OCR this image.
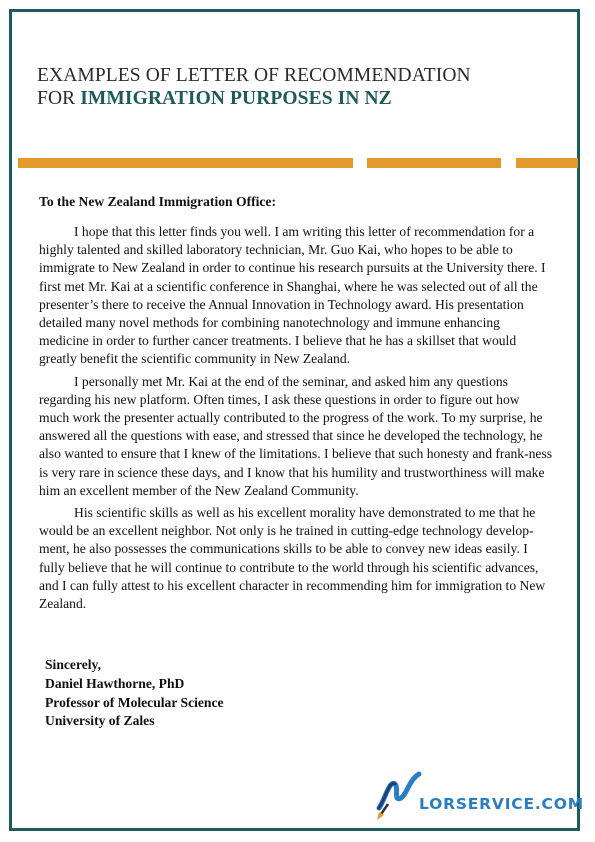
EXAMPLES OF LETTER OF RECOMMENDATION
FOR IMMIGRATION PURPOSES IN NZ
To the New Zealand Immigration Office:

I hope that this letter finds you well. I am writing this letter of recommendation for a highly talented and skilled laboratory technician, Mr. Guo Kai, who hopes to be able to immigrate to New Zealand in order to continue his research pursuits at the University there. I first met Mr. Kai at a scientific conference in Shanghai, where he was selected out of all the presenter’s there to receive the Annual Innovation in Technology award. His presentation detailed many novel methods for combining nanotechnology and immune enhancing medicine in order to further cancer treatments. I believe that he has a skillset that would greatly benefit the scientific community in New Zealand.

I personally met Mr. Kai at the end of the seminar, and asked him any questions regarding his new platform. Often times, I ask these questions in order to figure out how much work the presenter actually contributed to the progress of the work. To my surprise, he answered all the questions with ease, and stressed that since he developed the technology, he also wanted to ensure that I knew of the limitations. I believe that such honesty and frank-ness is very rare in science these days, and I know that his humility and trustworthiness will make him an excellent member of the New Zealand Community.

His scientific skills as well as his excellent morality have demonstrated to me that he would be an excellent neighbor. Not only is he trained in cutting-edge technology develop-ment, he also possesses the communications skills to be able to convey new ideas easily. I fully believe that he will continue to contribute to the world through his scientific advances, and I can fully attest to his excellent character in recommending him for immigration to New Zealand.

Sincerely,
Daniel Hawthorne, PhD
Professor of Molecular Science
University of Zales
LORSERVICE.COM
